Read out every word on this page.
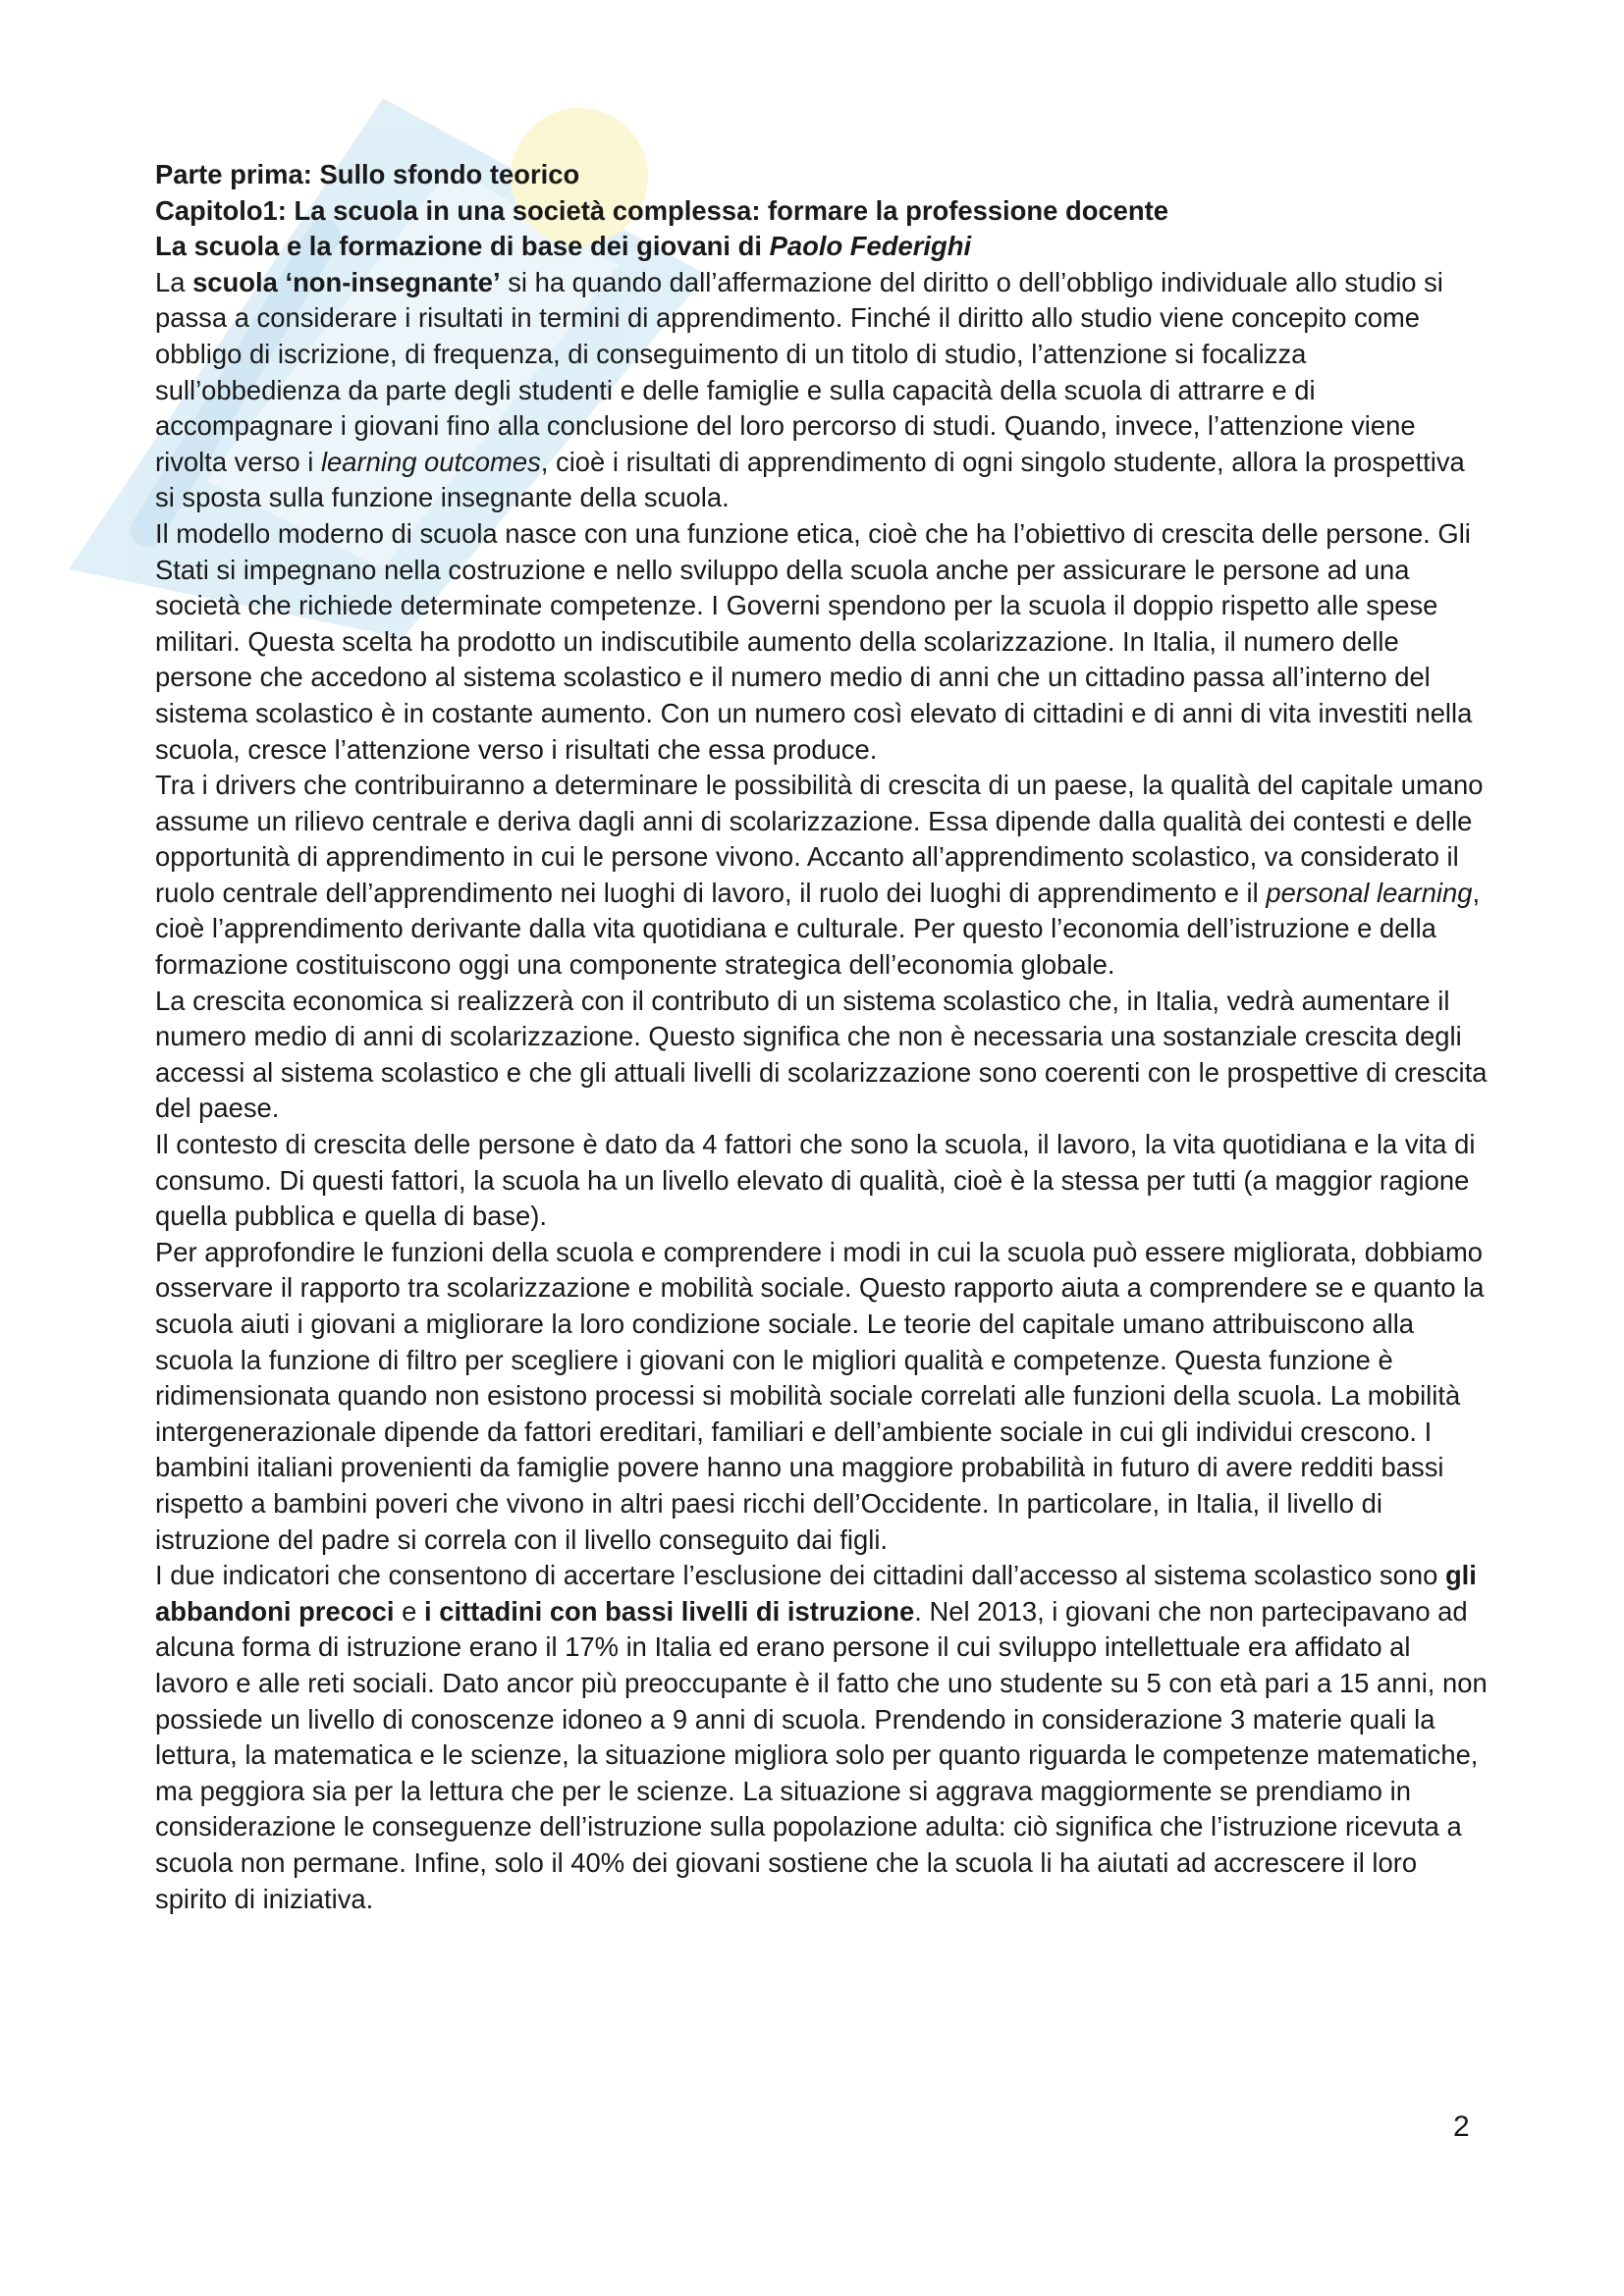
Parte prima: Sullo sfondo teorico

Capitolo1: La scuola in una società complessa: formare la professione docente

La scuola e la formazione di base dei giovani di Paolo Federighi

La scuola ‘non-insegnante’ si ha quando dall’affermazione del diritto o dell’obbligo individuale allo studio si passa a considerare i risultati in termini di apprendimento. Finché il diritto allo studio viene concepito come obbligo di iscrizione, di frequenza, di conseguimento di un titolo di studio, l’attenzione si focalizza sull’obbedienza da parte degli studenti e delle famiglie e sulla capacità della scuola di attrarre e di accompagnare i giovani fino alla conclusione del loro percorso di studi. Quando, invece, l’attenzione viene rivolta verso i learning outcomes, cioè i risultati di apprendimento di ogni singolo studente, allora la prospettiva si sposta sulla funzione insegnante della scuola.

Il modello moderno di scuola nasce con una funzione etica, cioè che ha l’obiettivo di crescita delle persone. Gli Stati si impegnano nella costruzione e nello sviluppo della scuola anche per assicurare le persone ad una società che richiede determinate competenze. I Governi spendono per la scuola il doppio rispetto alle spese militari. Questa scelta ha prodotto un indiscutibile aumento della scolarizzazione. In Italia, il numero delle persone che accedono al sistema scolastico e il numero medio di anni che un cittadino passa all’interno del sistema scolastico è in costante aumento. Con un numero così elevato di cittadini e di anni di vita investiti nella scuola, cresce l’attenzione verso i risultati che essa produce.

Tra i drivers che contribuiranno a determinare le possibilità di crescita di un paese, la qualità del capitale umano assume un rilievo centrale e deriva dagli anni di scolarizzazione. Essa dipende dalla qualità dei contesti e delle opportunità di apprendimento in cui le persone vivono. Accanto all’apprendimento scolastico, va considerato il ruolo centrale dell’apprendimento nei luoghi di lavoro, il ruolo dei luoghi di apprendimento e il personal learning, cioè l’apprendimento derivante dalla vita quotidiana e culturale. Per questo l’economia dell’istruzione e della formazione costituiscono oggi una componente strategica dell’economia globale.

La crescita economica si realizzerà con il contributo di un sistema scolastico che, in Italia, vedrà aumentare il numero medio di anni di scolarizzazione. Questo significa che non è necessaria una sostanziale crescita degli accessi al sistema scolastico e che gli attuali livelli di scolarizzazione sono coerenti con le prospettive di crescita del paese.

Il contesto di crescita delle persone è dato da 4 fattori che sono la scuola, il lavoro, la vita quotidiana e la vita di consumo. Di questi fattori, la scuola ha un livello elevato di qualità, cioè è la stessa per tutti (a maggior ragione quella pubblica e quella di base).

Per approfondire le funzioni della scuola e comprendere i modi in cui la scuola può essere migliorata, dobbiamo osservare il rapporto tra scolarizzazione e mobilità sociale. Questo rapporto aiuta a comprendere se e quanto la scuola aiuti i giovani a migliorare la loro condizione sociale. Le teorie del capitale umano attribuiscono alla scuola la funzione di filtro per scegliere i giovani con le migliori qualità e competenze. Questa funzione è ridimensionata quando non esistono processi si mobilità sociale correlati alle funzioni della scuola. La mobilità intergenerazionale dipende da fattori ereditari, familiari e dell’ambiente sociale in cui gli individui crescono. I bambini italiani provenienti da famiglie povere hanno una maggiore probabilità in futuro di avere redditi bassi rispetto a bambini poveri che vivono in altri paesi ricchi dell’Occidente. In particolare, in Italia, il livello di istruzione del padre si correla con il livello conseguito dai figli.

I due indicatori che consentono di accertare l’esclusione dei cittadini dall’accesso al sistema scolastico sono gli abbandoni precoci e i cittadini con bassi livelli di istruzione. Nel 2013, i giovani che non partecipavano ad alcuna forma di istruzione erano il 17% in Italia ed erano persone il cui sviluppo intellettuale era affidato al lavoro e alle reti sociali. Dato ancor più preoccupante è il fatto che uno studente su 5 con età pari a 15 anni, non possiede un livello di conoscenze idoneo a 9 anni di scuola. Prendendo in considerazione 3 materie quali la lettura, la matematica e le scienze, la situazione migliora solo per quanto riguarda le competenze matematiche, ma peggiora sia per la lettura che per le scienze. La situazione si aggrava maggiormente se prendiamo in considerazione le conseguenze dell’istruzione sulla popolazione adulta: ciò significa che l’istruzione ricevuta a scuola non permane. Infine, solo il 40% dei giovani sostiene che la scuola li ha aiutati ad accrescere il loro spirito di iniziativa.

2
